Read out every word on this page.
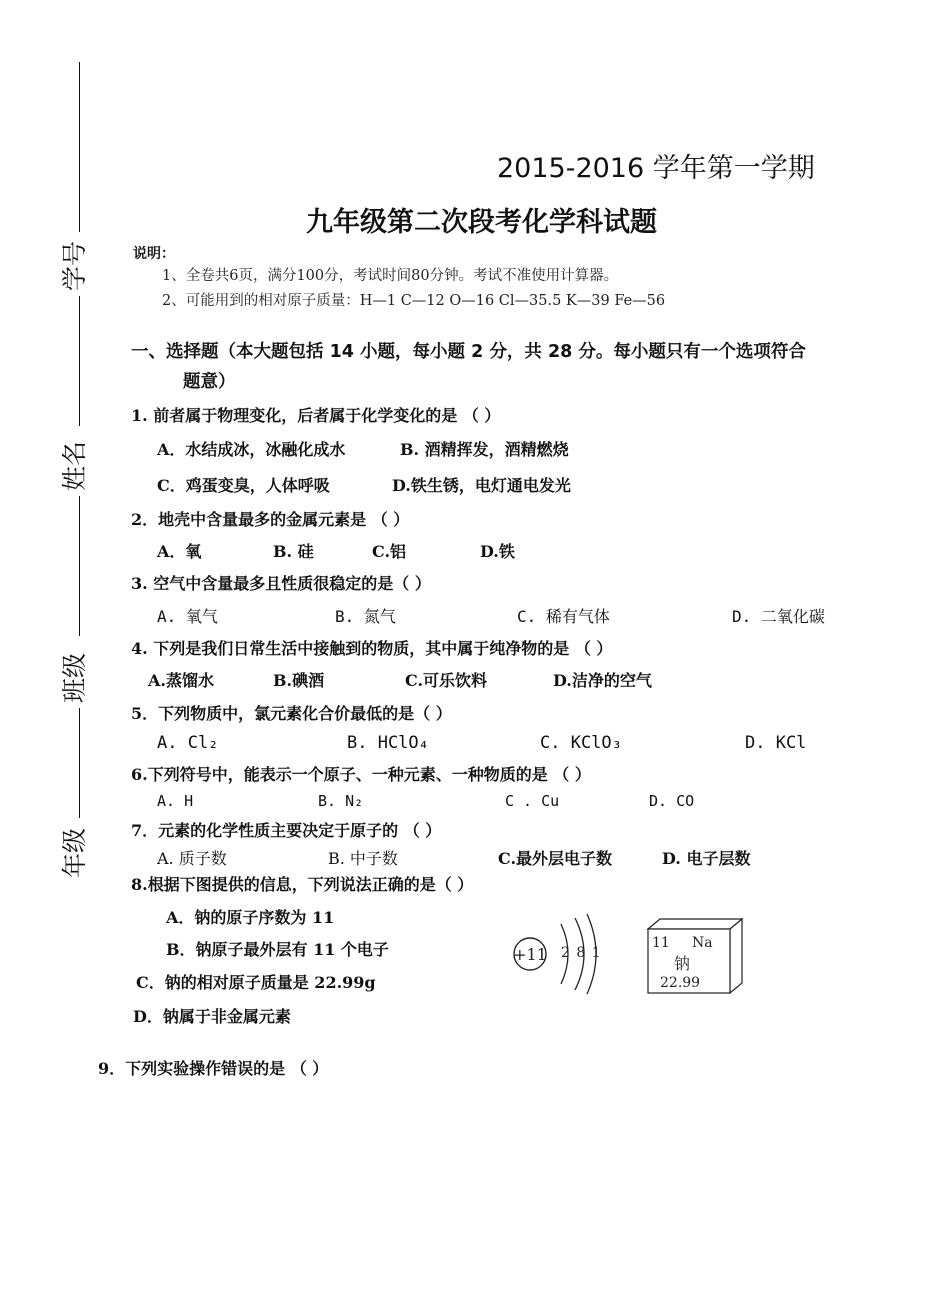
学号
姓名
班级
年级
2015-2016 学年第一学期
九年级第二次段考化学科试题
说明：
1、全卷共6页，满分100分，考试时间80分钟。考试不准使用计算器。
2、可能用到的相对原子质量：H—1 C—12 O—16 Cl—35.5 K—39 Fe—56
一、选择题（本大题包括 14 小题，每小题 2 分，共 28 分。每小题只有一个选项符合
题意）
1. 前者属于物理变化，后者属于化学变化的是 （ ）
A．水结成冰，冰融化成水	B. 酒精挥发，酒精燃烧
C．鸡蛋变臭，人体呼吸	D.铁生锈，电灯通电发光
2．地壳中含量最多的金属元素是 （ ）
A．氧	B. 硅	C.铝	D.铁
3. 空气中含量最多且性质很稳定的是（ ）
A. 氧气	B. 氮气	C. 稀有气体	D. 二氧化碳
4. 下列是我们日常生活中接触到的物质，其中属于纯净物的是 （ ）
A.蒸馏水	B.碘酒	C.可乐饮料	D.洁净的空气
5．下列物质中，氯元素化合价最低的是（ ）
A. Cl₂	B. HClO₄	C. KClO₃	D. KCl
6.下列符号中，能表示一个原子、一种元素、一种物质的是 （ ）
A. H	B. N₂	C . Cu	D. CO
7．元素的化学性质主要决定于原子的 （ ）
A. 质子数	B. 中子数	C.最外层电子数	D. 电子层数
8.根据下图提供的信息，下列说法正确的是（ ）
A．钠的原子序数为 11
B．钠原子最外层有 11 个电子
C．钠的相对原子质量是 22.99g
D．钠属于非金属元素
+11 2 8 1
11 Na
钠
22.99
9．下列实验操作错误的是 （ ）
